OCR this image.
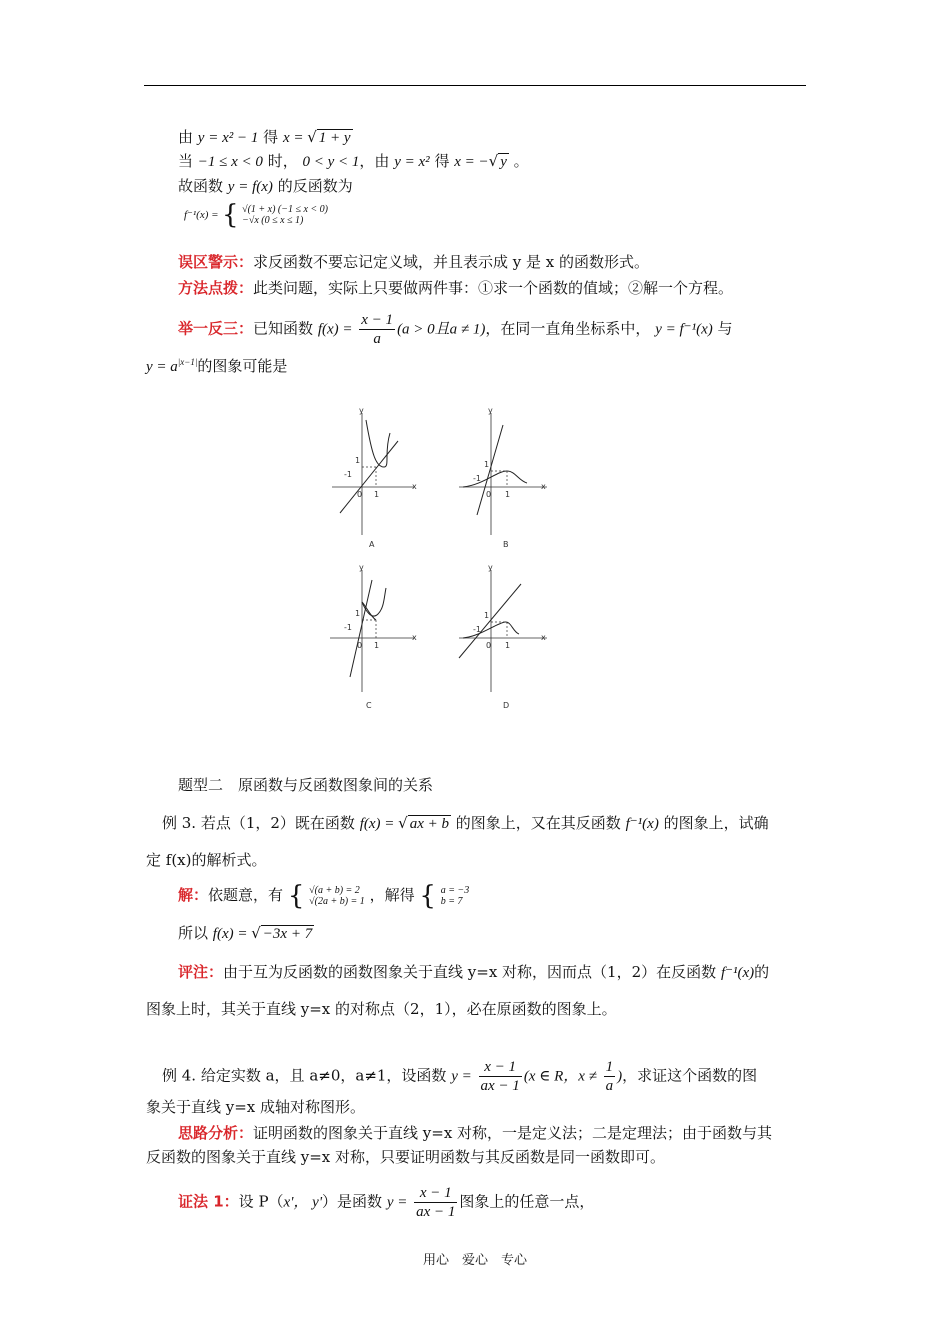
由 y = x² − 1 得 x = √ 1 + y
当 −1 ≤ x < 0 时， 0 < y < 1，由 y = x² 得 x = −√ y 。
故函数 y = f(x) 的反函数为
f⁻¹(x) = { √(1 + x) (−1 ≤ x < 0)
−√x (0 ≤ x ≤ 1)
误区警示：求反函数不要忘记定义域，并且表示成 y 是 x 的函数形式。
方法点拨：此类问题，实际上只要做两件事：①求一个函数的值域；②解一个方程。
举一反三：已知函数 $f(x) = \frac{x - 1}{a} (a > 0$且a ≠ 1)，在同一直角坐标系中， y = f⁻¹(x) 与
$y = a^{|x-1|}$的图象可能是
y
x
0 1
1
-1
A
y
x
0 1
1
-1
B
y
x
0 1
1
-1
C
y
x
0 1
1
-1
D
题型二　原函数与反函数图象间的关系
例 3. 若点（1，2）既在函数 f(x) = √ ax + b 的图象上，又在其反函数 f⁻¹(x) 的图象上，试确
定 f(x)的解析式。
解：依题意，有 { √(a + b) = 2
√(2a + b) = 1 ，解得 { a = −3
b = 7
所以 f(x) = √ −3x + 7
评注：由于互为反函数的函数图象关于直线 y=x 对称，因而点（1，2）在反函数 f⁻¹(x)的
图象上时，其关于直线 y=x 的对称点（2，1），必在原函数的图象上。
例 4. 给定实数 a，且 a≠0，a≠1，设函数 $y = \frac{x - 1}{ax - 1} (x$ ∈ R，$x \ne \frac{1}{a}$ )，求证这个函数的图
象关于直线 y=x 成轴对称图形。
思路分析：证明函数的图象关于直线 y=x 对称，一是定义法；二是定理法；由于函数与其
反函数的图象关于直线 y=x 对称，只要证明函数与其反函数是同一函数即可。
证法 1：设 P（x'， y'）是函数 $y = \frac{x - 1}{ax - 1}$ 图象上的任意一点，
用心　爱心　专心
